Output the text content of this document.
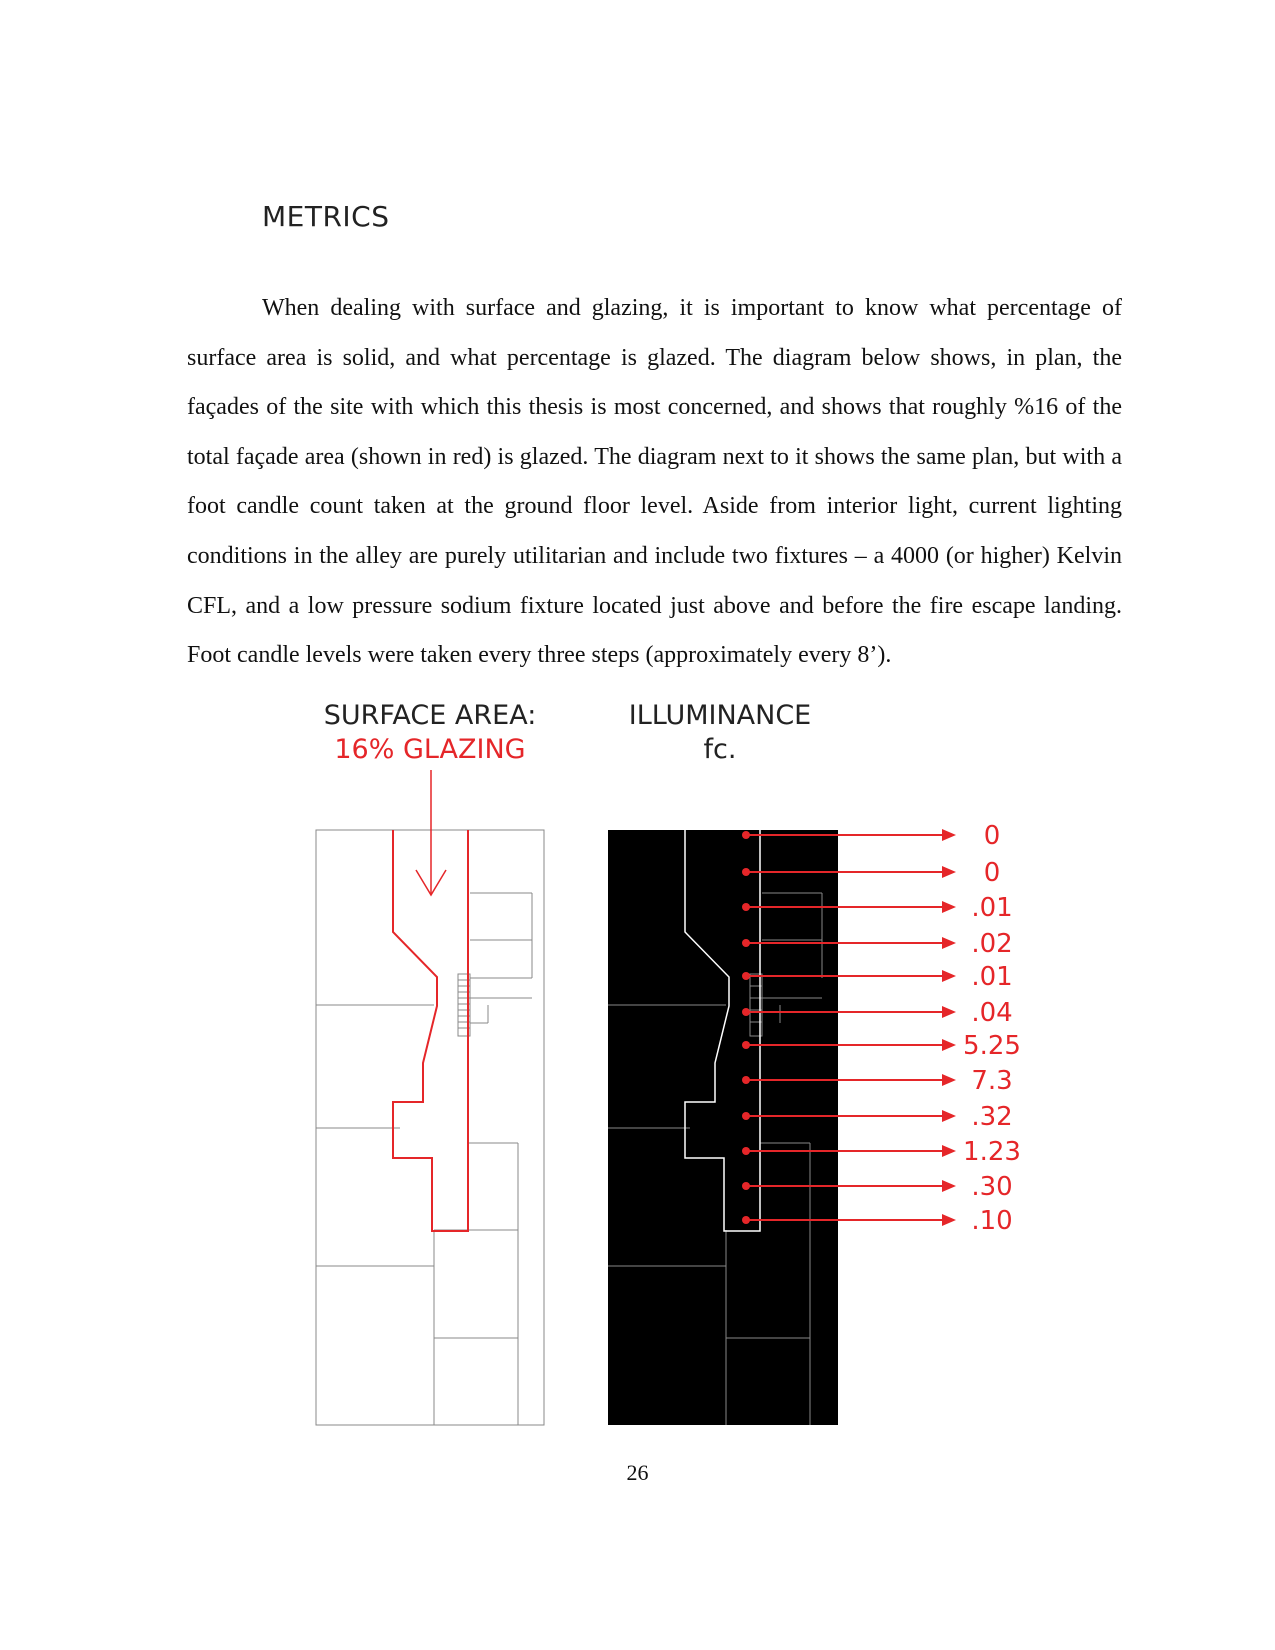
METRICS

When dealing with surface and glazing, it is important to know what percentage of surface area is solid, and what percentage is glazed. The diagram below shows, in plan, the façades of the site with which this thesis is most concerned, and shows that roughly %16 of the total façade area (shown in red) is glazed. The diagram next to it shows the same plan, but with a foot candle count taken at the ground floor level. Aside from interior light, current lighting conditions in the alley are purely utilitarian and include two fixtures – a 4000 (or higher) Kelvin CFL, and a low pressure sodium fixture located just above and before the fire escape landing. Foot candle levels were taken every three steps (approximately every 8’).

SURFACE AREA:
16% GLAZING
ILLUMINANCE
fc.
0
0
.01
.02
.01
.04
5.25
7.3
.32
1.23
.30
.10
26
